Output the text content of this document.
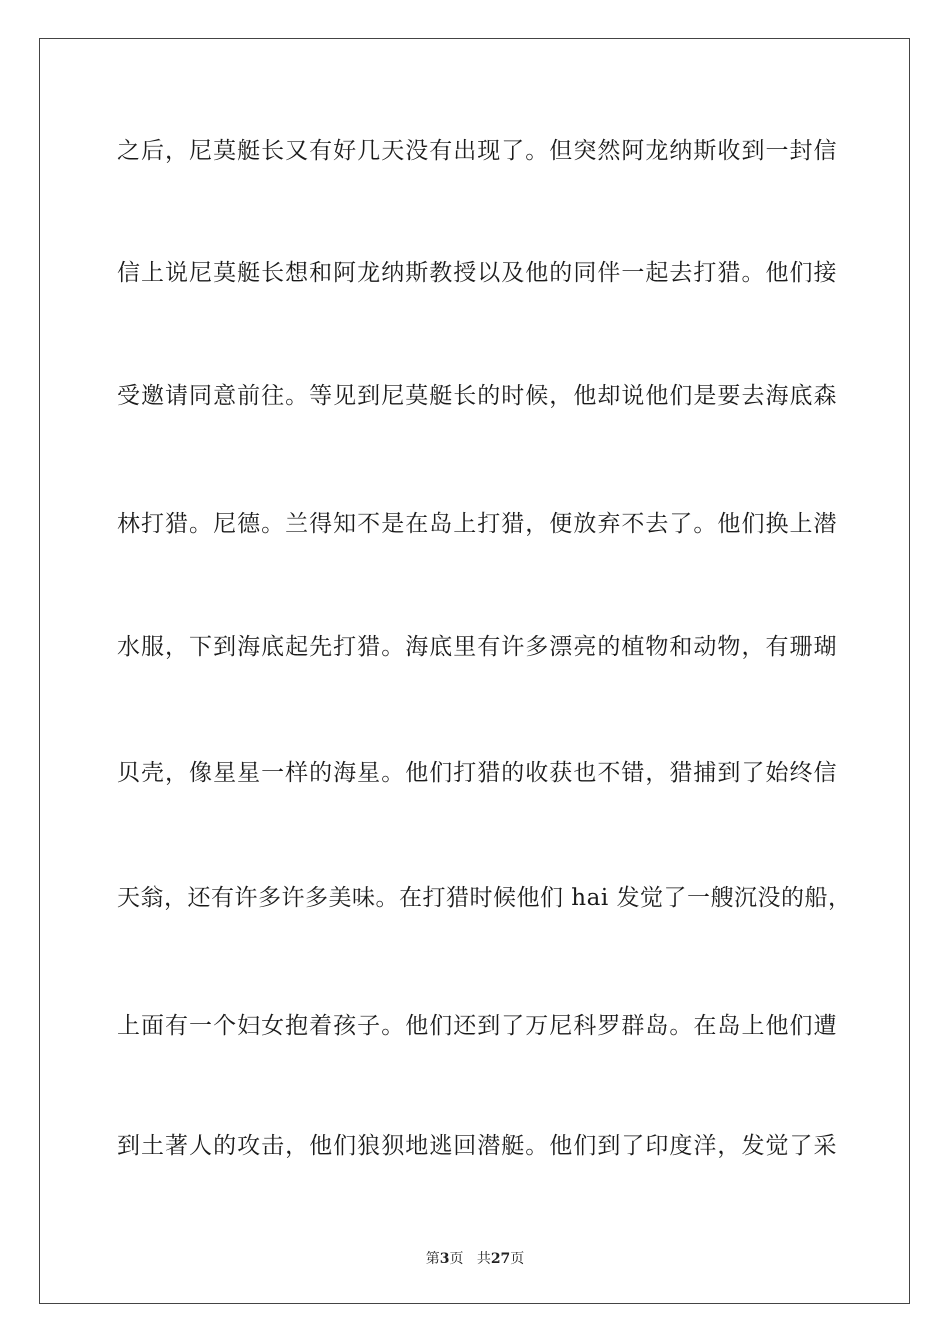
之后，尼莫艇长又有好几天没有出现了。但突然阿龙纳斯收到一封信
信上说尼莫艇长想和阿龙纳斯教授以及他的同伴一起去打猎。他们接
受邀请同意前往。等见到尼莫艇长的时候，他却说他们是要去海底森
林打猎。尼德。兰得知不是在岛上打猎，便放弃不去了。他们换上潜
水服，下到海底起先打猎。海底里有许多漂亮的植物和动物，有珊瑚
贝壳，像星星一样的海星。他们打猎的收获也不错，猎捕到了始终信
天翁，还有许多许多美味。在打猎时候他们 hai 发觉了一艘沉没的船，
上面有一个妇女抱着孩子。他们还到了万尼科罗群岛。在岛上他们遭
到土著人的攻击，他们狼狈地逃回潜艇。他们到了印度洋，发觉了采
第3页 共27页
